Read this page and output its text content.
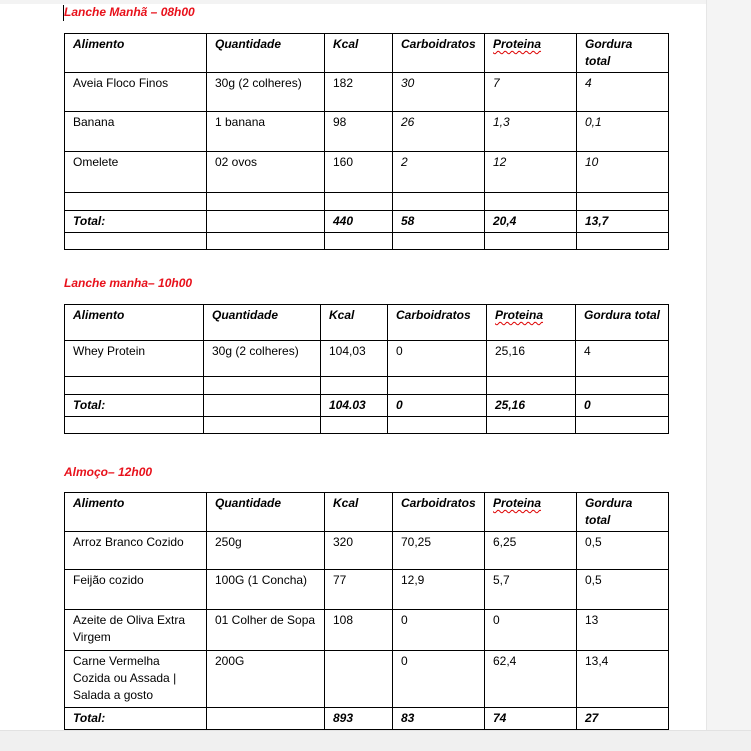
Lanche Manhã – 08h00
Alimento	Quantidade	Kcal	Carboidratos	Proteina	Gordura total
Aveia Floco Finos	30g (2 colheres)	182	30	7	4
Banana	1 banana	98	26	1,3	0,1
Omelete	02 ovos	160	2	12	10

Total:		440	58	20,4	13,7

Lanche manha– 10h00
Alimento	Quantidade	Kcal	Carboidratos	Proteina	Gordura total
Whey Protein	30g (2 colheres)	104,03	0	25,16	4

Total:		104.03	0	25,16	0

Almoço– 12h00
Alimento	Quantidade	Kcal	Carboidratos	Proteina	Gordura total
Arroz Branco Cozido	250g	320	70,25	6,25	0,5
Feijão cozido	100G (1 Concha)	77	12,9	5,7	0,5
Azeite de Oliva Extra Virgem	01 Colher de Sopa	108	0	0	13
Carne Vermelha Cozida ou Assada | Salada a gosto	200G		0	62,4	13,4
Total:		893	83	74	27
